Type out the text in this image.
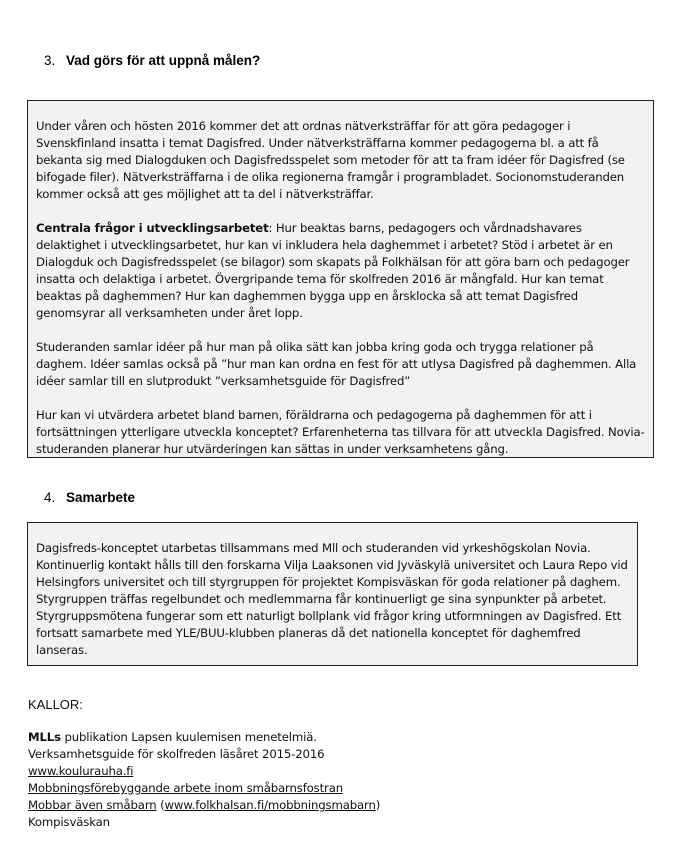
3. Vad görs för att uppnå målen?

Under våren och hösten 2016 kommer det att ordnas nätverksträffar för att göra pedagoger i Svenskfinland insatta i temat Dagisfred. Under nätverksträffarna kommer pedagogerna bl. a att få bekanta sig med Dialogduken och Dagisfredsspelet som metoder för att ta fram idéer för Dagisfred (se bifogade filer). Nätverksträffarna i de olika regionerna framgår i programbladet. Socionomstuderanden kommer också att ges möjlighet att ta del i nätverksträffar.

Centrala frågor i utvecklingsarbetet: Hur beaktas barns, pedagogers och vårdnadshavares delaktighet i utvecklingsarbetet, hur kan vi inkludera hela daghemmet i arbetet? Stöd i arbetet är en Dialogduk och Dagisfredsspelet (se bilagor) som skapats på Folkhälsan för att göra barn och pedagoger insatta och delaktiga i arbetet. Övergripande tema för skolfreden 2016 är mångfald. Hur kan temat beaktas på daghemmen? Hur kan daghemmen bygga upp en årsklocka så att temat Dagisfred genomsyrar all verksamheten under året lopp.

Studeranden samlar idéer på hur man på olika sätt kan jobba kring goda och trygga relationer på daghem. Idéer samlas också på ”hur man kan ordna en fest för att utlysa Dagisfred på daghemmen. Alla idéer samlar till en slutprodukt ”verksamhetsguide för Dagisfred”

Hur kan vi utvärdera arbetet bland barnen, föräldrarna och pedagogerna på daghemmen för att i fortsättningen ytterligare utveckla konceptet? Erfarenheterna tas tillvara för att utveckla Dagisfred. Novia-studeranden planerar hur utvärderingen kan sättas in under verksamhetens gång.

4. Samarbete

Dagisfreds-konceptet utarbetas tillsammans med Mll och studeranden vid yrkeshögskolan Novia. Kontinuerlig kontakt hålls till den forskarna Vilja Laaksonen vid Jyväskylä universitet och Laura Repo vid Helsingfors universitet och till styrgruppen för projektet Kompisväskan för goda relationer på daghem. Styrgruppen träffas regelbundet och medlemmarna får kontinuerligt ge sina synpunkter på arbetet. Styrgruppsmötena fungerar som ett naturligt bollplank vid frågor kring utformningen av Dagisfred. Ett fortsatt samarbete med YLE/BUU-klubben planeras då det nationella konceptet för daghemfred lanseras.

KALLOR:
MLLs publikation Lapsen kuulemisen menetelmiä.
Verksamhetsguide för skolfreden läsåret 2015-2016
www.koulurauha.fi
Mobbningsförebyggande arbete inom småbarnsfostran
Mobbar även småbarn (www.folkhalsan.fi/mobbningsmabarn)
Kompisväskan
